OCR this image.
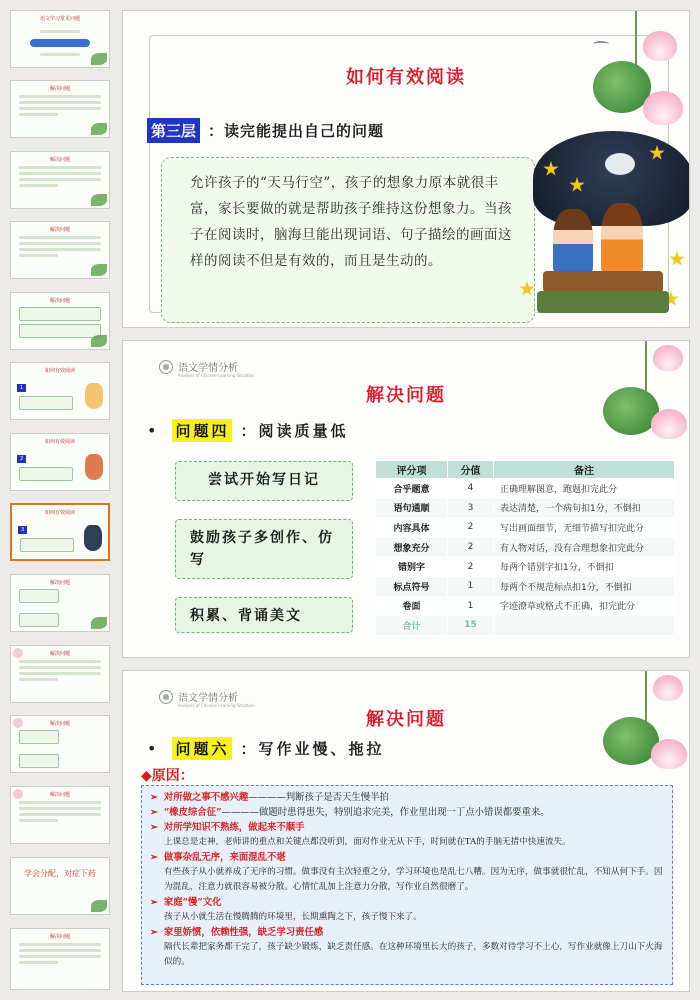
语文学习常见问题
解决问题
解决问题
解决问题
解决问题
如何有效阅读
1
如何有效阅读
2
如何有效阅读
3
解决问题

解决问题
解决问题

解决问题
学会分配，对症下药
解决问题
如何有效阅读
第三层 ：读完能提出自己的问题

允许孩子的“天马行空”，孩子的想象力原本就很丰富，家长要做的就是帮助孩子维持这份想象力。当孩子在阅读时，脑海旦能出现词语、句子描绘的画面这样的阅读不但是有效的，而且是生动的。

语文学情分析
Analysis of Chinese Learning Situation
解决问题
• 问题四 ：阅读质量低
尝试开始写日记
鼓励孩子多创作、仿写
积累、背诵美文
评分项	分值	备注
合乎题意	4	正确理解图意，跑题扣完此分
语句通顺	3	表达清楚，一个病句扣1分，不倒扣
内容具体	2	写出画面细节，无细节描写扣完此分
想象充分	2	有人物对话，没有合理想象扣完此分
错别字	2	每两个错别字扣1分，不倒扣
标点符号	1	每两个不规范标点扣1分，不倒扣
卷面	1	字迹潦草或格式不正确，扣完此分
合计	15	
语文学情分析
Analysis of Chinese Learning Situation
解决问题
• 问题六 ：写作业慢、拖拉
◆原因：
➢ 对所做之事不感兴趣————判断孩子是否天生慢半拍
➢ “橡皮综合征”————做题时患得患失，特别追求完美，作业里出现一丁点小错误都要重来。
➢ 对所学知识不熟练，做起来不顺手
上课总是走神，老师讲的重点和关键点都没听到，面对作业无从下手，时间就在TA的手脑无措中快速流失。
➢ 做事杂乱无序，来面混乱不堪
有些孩子从小就养成了无序的习惯。做事没有主次轻重之分，学习环境也是乱七八糟。因为无序，做事就很忙乱，不知从何下手。因为混乱，注意力就很容易被分散。心情忙乱加上注意力分散，写作业自然很磨了。
➢ 家庭“慢”文化
孩子从小就生活在慢腾腾的环境里，长期熏陶之下，孩子慢下来了。
➢ 家里娇惯，依赖性强，缺乏学习责任感
隔代长辈把家务都干完了，孩子缺少锻炼，缺乏责任感。在这种环境里长大的孩子，多数对待学习不上心，写作业就像上刀山下火海似的。
